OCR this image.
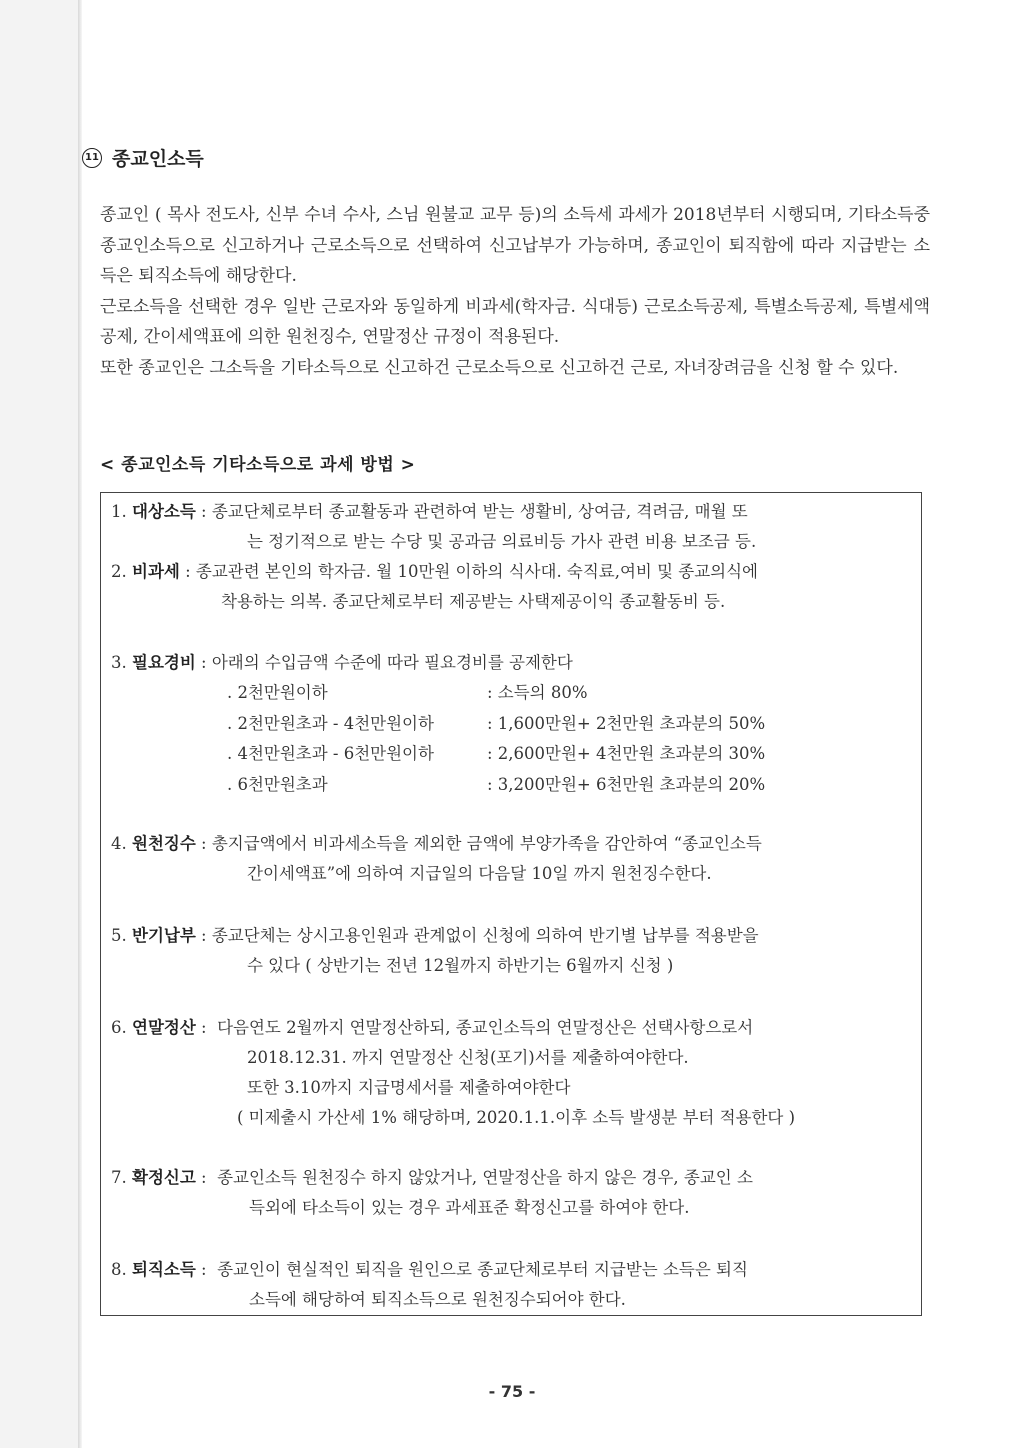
11 종교인소득

종교인 ( 목사 전도사, 신부 수녀 수사, 스님 원불교 교무 등)의 소득세 과세가 2018년부터 시행되며, 기타소득중 종교인소득으로 신고하거나 근로소득으로 선택하여 신고납부가 가능하며, 종교인이 퇴직함에 따라 지급받는 소득은 퇴직소득에 해당한다.

근로소득을 선택한 경우 일반 근로자와 동일하게 비과세(학자금. 식대등) 근로소득공제, 특별소득공제, 특별세액공제, 간이세액표에 의한 원천징수, 연말정산 규정이 적용된다.

또한 종교인은 그소득을 기타소득으로 신고하건 근로소득으로 신고하건 근로, 자녀장려금을 신청 할 수 있다.

< 종교인소득 기타소득으로 과세 방법 >
1. 대상소득 : 종교단체로부터 종교활동과 관련하여 받는 생활비, 상여금, 격려금, 매월 또
는 정기적으로 받는 수당 및 공과금 의료비등 가사 관련 비용 보조금 등.
2. 비과세 : 종교관련 본인의 학자금. 월 10만원 이하의 식사대. 숙직료,여비 및 종교의식에
착용하는 의복. 종교단체로부터 제공받는 사택제공이익 종교활동비 등.
3. 필요경비 : 아래의 수입금액 수준에 따라 필요경비를 공제한다
. 2천만원이하	: 소득의 80%
. 2천만원초과 - 4천만원이하	: 1,600만원+ 2천만원 초과분의 50%
. 4천만원초과 - 6천만원이하	: 2,600만원+ 4천만원 초과분의 30%
. 6천만원초과	: 3,200만원+ 6천만원 초과분의 20%
4. 원천징수 : 총지급액에서 비과세소득을 제외한 금액에 부양가족을 감안하여 “종교인소득
간이세액표”에 의하여 지급일의 다음달 10일 까지 원천징수한다.
5. 반기납부 : 종교단체는 상시고용인원과 관계없이 신청에 의하여 반기별 납부를 적용받을
수 있다 ( 상반기는 전년 12월까지 하반기는 6월까지 신청 )
6. 연말정산 : 다음연도 2월까지 연말정산하되, 종교인소득의 연말정산은 선택사항으로서
2018.12.31. 까지 연말정산 신청(포기)서를 제출하여야한다.
또한 3.10까지 지급명세서를 제출하여야한다
( 미제출시 가산세 1% 해당하며, 2020.1.1.이후 소득 발생분 부터 적용한다 )
7. 확정신고 : 종교인소득 원천징수 하지 않았거나, 연말정산을 하지 않은 경우, 종교인 소
득외에 타소득이 있는 경우 과세표준 확정신고를 하여야 한다.
8. 퇴직소득 : 종교인이 현실적인 퇴직을 원인으로 종교단체로부터 지급받는 소득은 퇴직
소득에 해당하여 퇴직소득으로 원천징수되어야 한다.
- 75 -
